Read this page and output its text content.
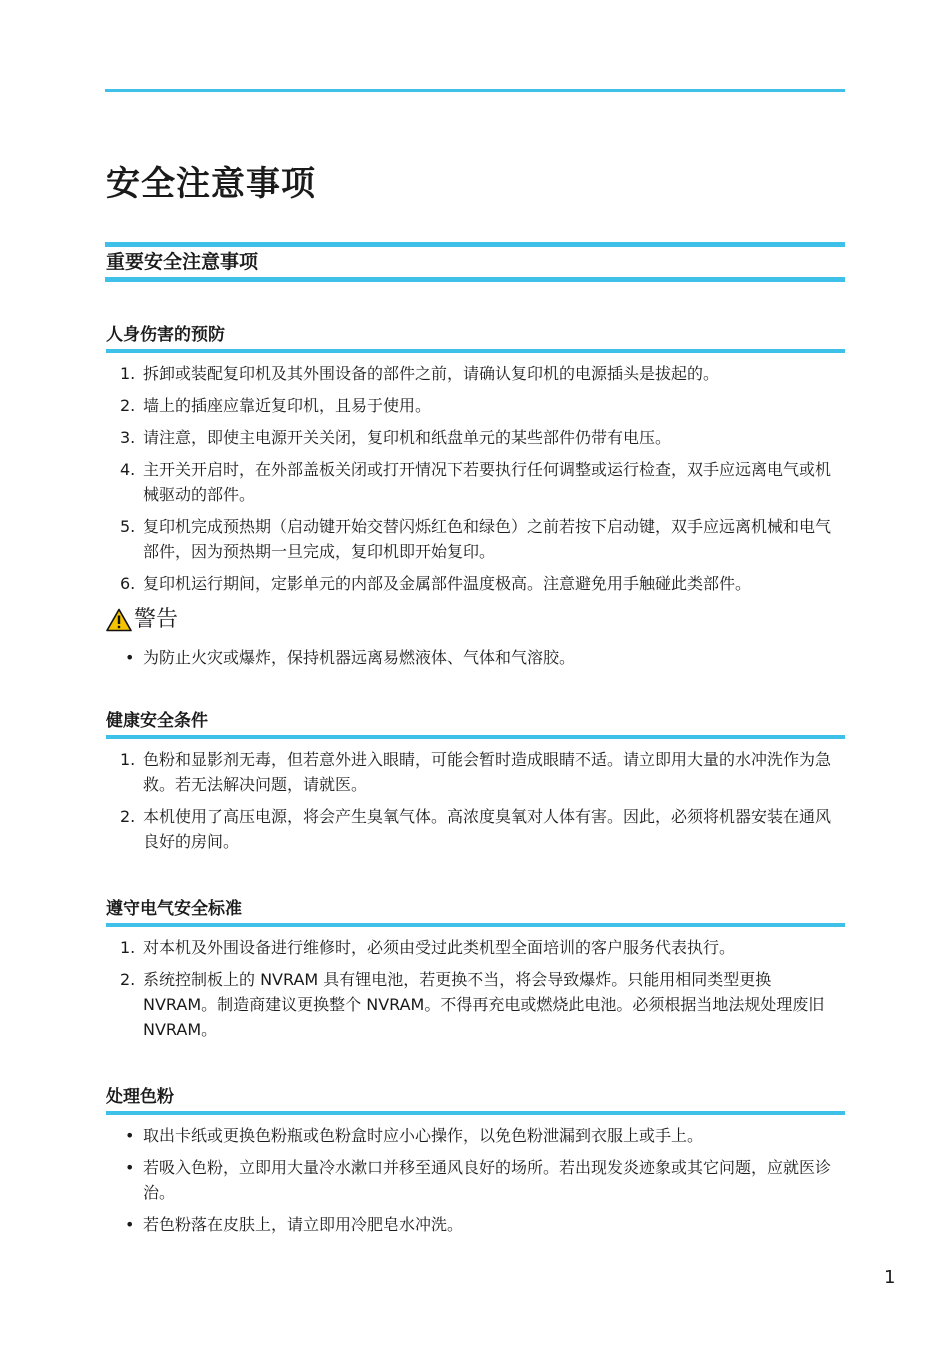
安全注意事项
重要安全注意事项
人身伤害的预防
1. 拆卸或装配复印机及其外围设备的部件之前，请确认复印机的电源插头是拔起的。
2. 墙上的插座应靠近复印机，且易于使用。
3. 请注意，即使主电源开关关闭，复印机和纸盘单元的某些部件仍带有电压。
4. 主开关开启时，在外部盖板关闭或打开情况下若要执行任何调整或运行检查，双手应远离电气或机械驱动的部件。
5. 复印机完成预热期（启动键开始交替闪烁红色和绿色）之前若按下启动键，双手应远离机械和电气部件，因为预热期一旦完成，复印机即开始复印。
6. 复印机运行期间，定影单元的内部及金属部件温度极高。注意避免用手触碰此类部件。
警告
• 为防止火灾或爆炸，保持机器远离易燃液体、气体和气溶胶。
健康安全条件
1. 色粉和显影剂无毒，但若意外进入眼睛，可能会暂时造成眼睛不适。请立即用大量的水冲洗作为急救。若无法解决问题，请就医。
2. 本机使用了高压电源，将会产生臭氧气体。高浓度臭氧对人体有害。因此，必须将机器安装在通风良好的房间。
遵守电气安全标准
1. 对本机及外围设备进行维修时，必须由受过此类机型全面培训的客户服务代表执行。
2. 系统控制板上的 NVRAM 具有锂电池，若更换不当，将会导致爆炸。只能用相同类型更换 NVRAM。制造商建议更换整个 NVRAM。不得再充电或燃烧此电池。必须根据当地法规处理废旧 NVRAM。
处理色粉
• 取出卡纸或更换色粉瓶或色粉盒时应小心操作，以免色粉泄漏到衣服上或手上。
• 若吸入色粉，立即用大量冷水漱口并移至通风良好的场所。若出现发炎迹象或其它问题，应就医诊治。
• 若色粉落在皮肤上，请立即用冷肥皂水冲洗。
1
